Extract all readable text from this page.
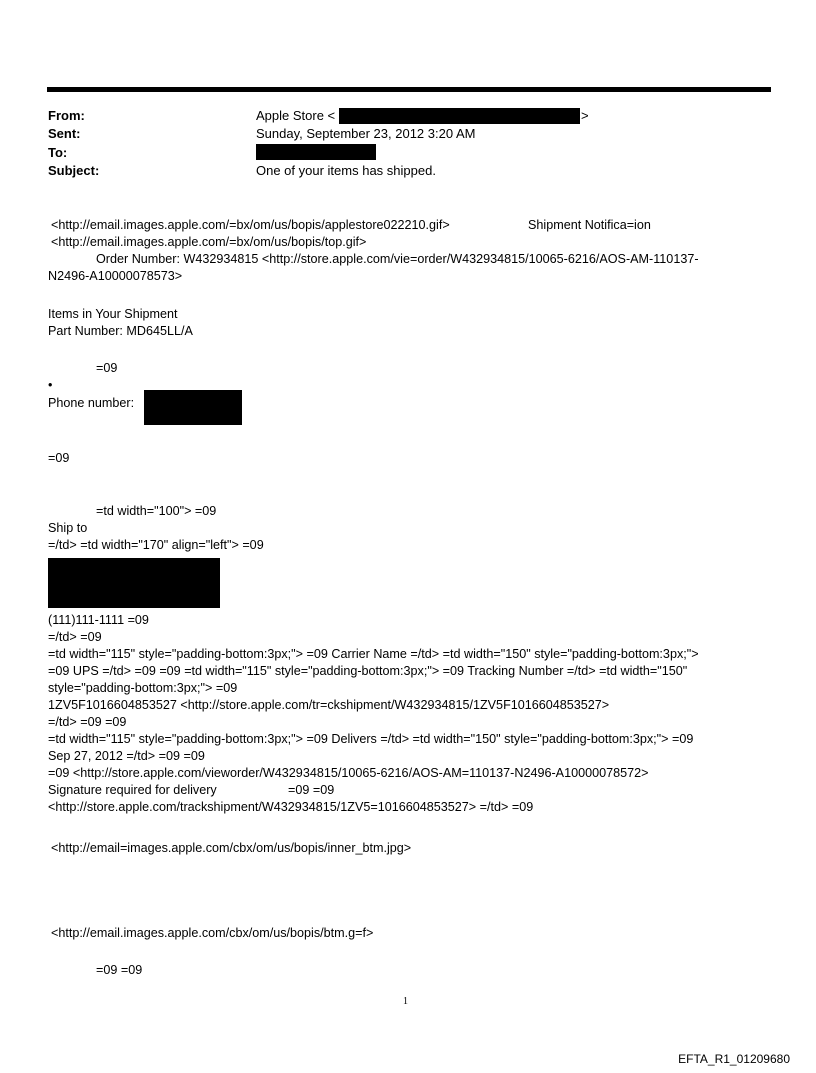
From:	Apple Store <	>
Sent:	Sunday, September 23, 2012 3:20 AM
To:
Subject:	One of your items has shipped.
<http://email.images.apple.com/=bx/om/us/bopis/applestore022210.gif>	Shipment Notifica=ion
<http://email.images.apple.com/=bx/om/us/bopis/top.gif>
Order Number: W432934815 <http://store.apple.com/vie=order/W432934815/10065-6216/AOS-AM-110137-
N2496-A10000078573>
Items in Your Shipment
Part Number: MD645LL/A
=09
•
Phone number:
=09
=td width="100"> =09
Ship to
=/td> =td width="170" align="left"> =09
(111)111-1111 =09
=/td> =09
=td width="115" style="padding-bottom:3px;"> =09 Carrier Name =/td> =td width="150" style="padding-bottom:3px;">
=09 UPS =/td> =09 =09 =td width="115" style="padding-bottom:3px;"> =09 Tracking Number =/td> =td width="150"
style="padding-bottom:3px;"> =09
1ZV5F1016604853527 <http://store.apple.com/tr=ckshipment/W432934815/1ZV5F1016604853527>
=/td> =09 =09
=td width="115" style="padding-bottom:3px;"> =09 Delivers =/td> =td width="150" style="padding-bottom:3px;"> =09
Sep 27, 2012 =/td> =09 =09
=09 <http://store.apple.com/vieworder/W432934815/10065-6216/AOS-AM=110137-N2496-A10000078572>
Signature required for delivery	=09 =09
<http://store.apple.com/trackshipment/W432934815/1ZV5=1016604853527> =/td> =09
<http://email=images.apple.com/cbx/om/us/bopis/inner_btm.jpg>
<http://email.images.apple.com/cbx/om/us/bopis/btm.g=f>
=09 =09
1
EFTA_R1_01209680
